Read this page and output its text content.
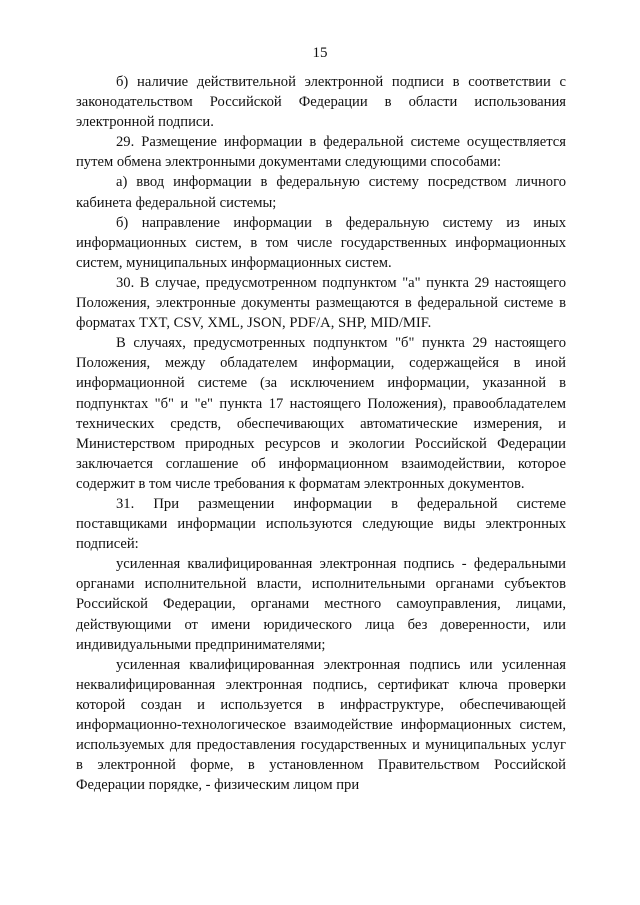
15

б) наличие действительной электронной подписи в соответствии с законодательством Российской Федерации в области использования электронной подписи.

29. Размещение информации в федеральной системе осуществляется путем обмена электронными документами следующими способами:

а) ввод информации в федеральную систему посредством личного кабинета федеральной системы;

б) направление информации в федеральную систему из иных информационных систем, в том числе государственных информационных систем, муниципальных информационных систем.

30. В случае, предусмотренном подпунктом "а" пункта 29 настоящего Положения, электронные документы размещаются в федеральной системе в форматах TXT, CSV, XML, JSON, PDF/A, SHP, MID/MIF.

В случаях, предусмотренных подпунктом "б" пункта 29 настоящего Положения, между обладателем информации, содержащейся в иной информационной системе (за исключением информации, указанной в подпунктах "б" и "е" пункта 17 настоящего Положения), правообладателем технических средств, обеспечивающих автоматические измерения, и Министерством природных ресурсов и экологии Российской Федерации заключается соглашение об информационном взаимодействии, которое содержит в том числе требования к форматам электронных документов.

31. При размещении информации в федеральной системе поставщиками информации используются следующие виды электронных подписей:

усиленная квалифицированная электронная подпись - федеральными органами исполнительной власти, исполнительными органами субъектов Российской Федерации, органами местного самоуправления, лицами, действующими от имени юридического лица без доверенности, или индивидуальными предпринимателями;

усиленная квалифицированная электронная подпись или усиленная неквалифицированная электронная подпись, сертификат ключа проверки которой создан и используется в инфраструктуре, обеспечивающей информационно-технологическое взаимодействие информационных систем, используемых для предоставления государственных и муниципальных услуг в электронной форме, в установленном Правительством Российской Федерации порядке, - физическим лицом при
